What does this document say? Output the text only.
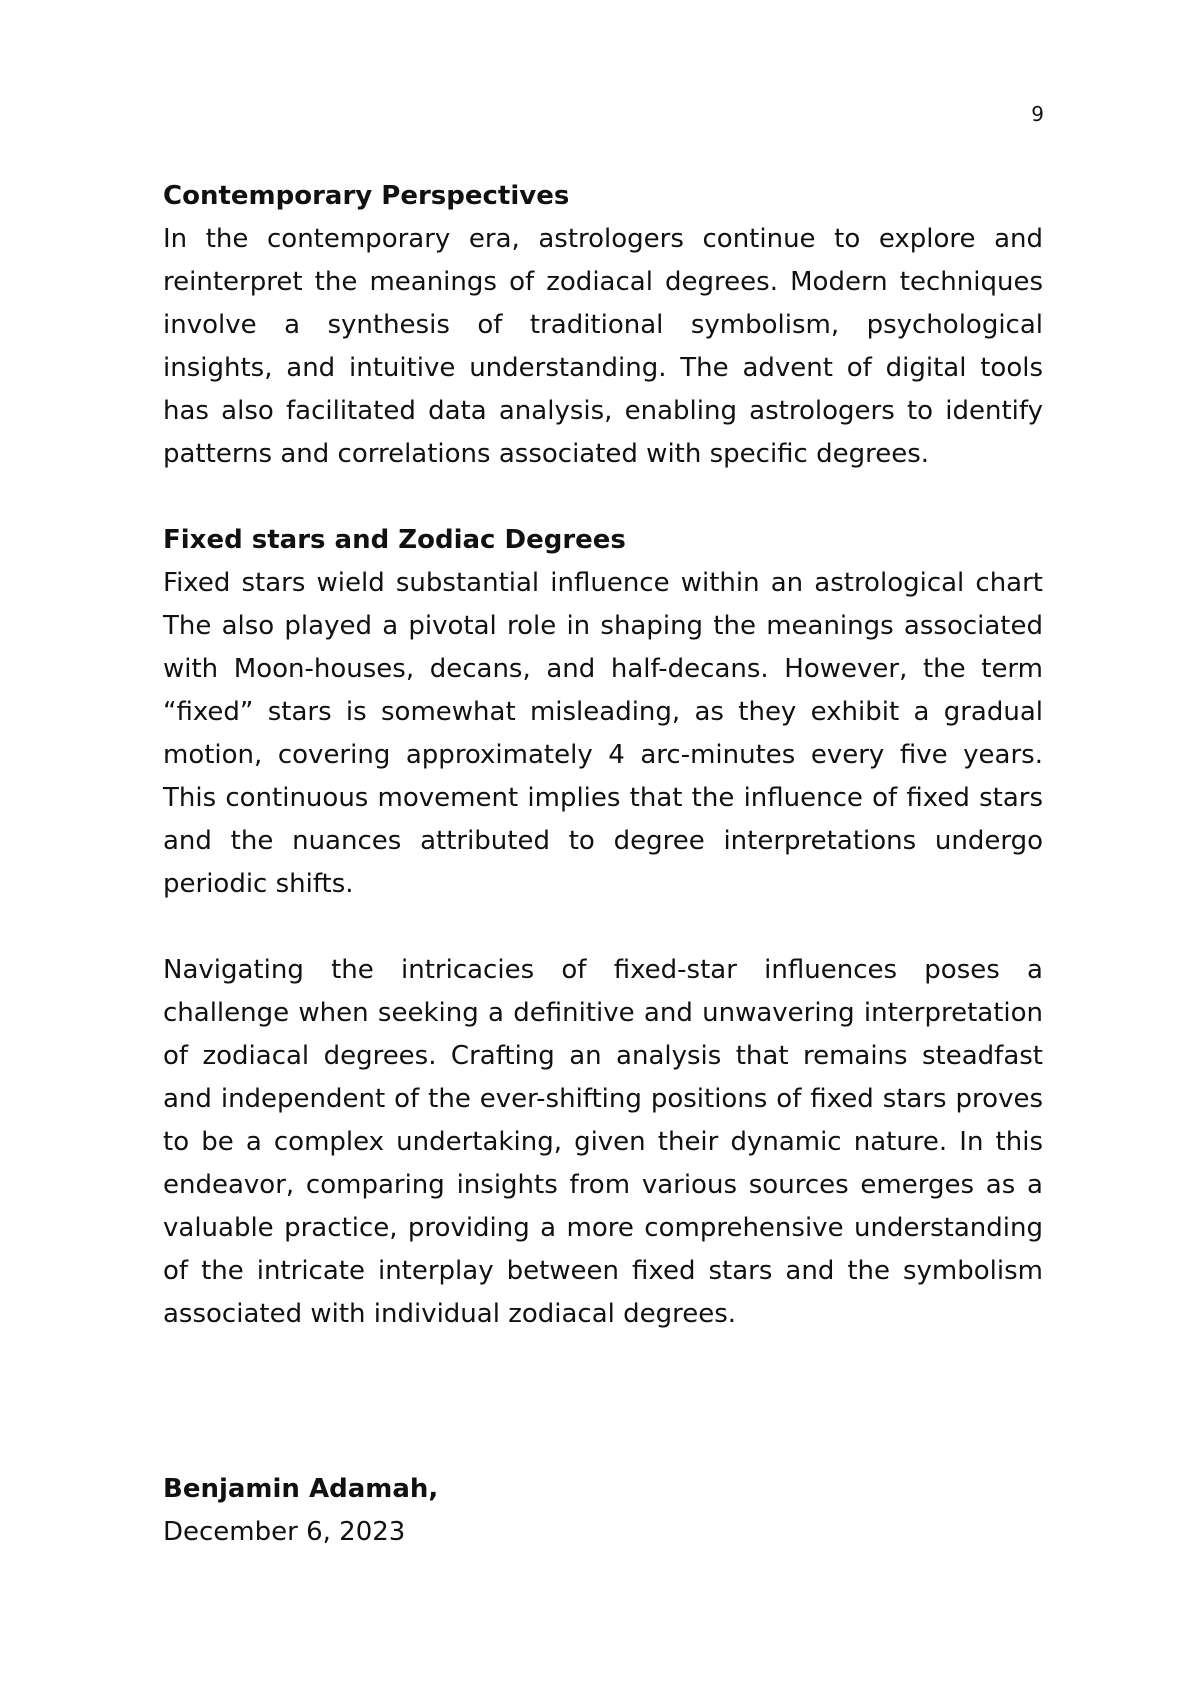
9
Contemporary Perspectives

In the contemporary era, astrologers continue to explore and reinterpret the meanings of zodiacal degrees. Modern techniques involve a synthesis of traditional symbolism, psychological insights, and intuitive understanding. The advent of digital tools has also facilitated data analysis, enabling astrologers to identify patterns and correlations associated with specific degrees.

Fixed stars and Zodiac Degrees

Fixed stars wield substantial influence within an astrological chart The also played a pivotal role in shaping the meanings associated with Moon-houses, decans, and half-decans. However, the term “fixed” stars is somewhat misleading, as they exhibit a gradual motion, covering approximately 4 arc-minutes every five years. This continuous movement implies that the influence of fixed stars and the nuances attributed to degree interpretations undergo periodic shifts.

Navigating the intricacies of fixed-star influences poses a challenge when seeking a definitive and unwavering interpretation of zodiacal degrees. Crafting an analysis that remains steadfast and independent of the ever-shifting positions of fixed stars proves to be a complex undertaking, given their dynamic nature. In this endeavor, comparing insights from various sources emerges as a valuable practice, providing a more comprehensive understanding of the intricate interplay between fixed stars and the symbolism associated with individual zodiacal degrees.

Benjamin Adamah,

December 6, 2023
